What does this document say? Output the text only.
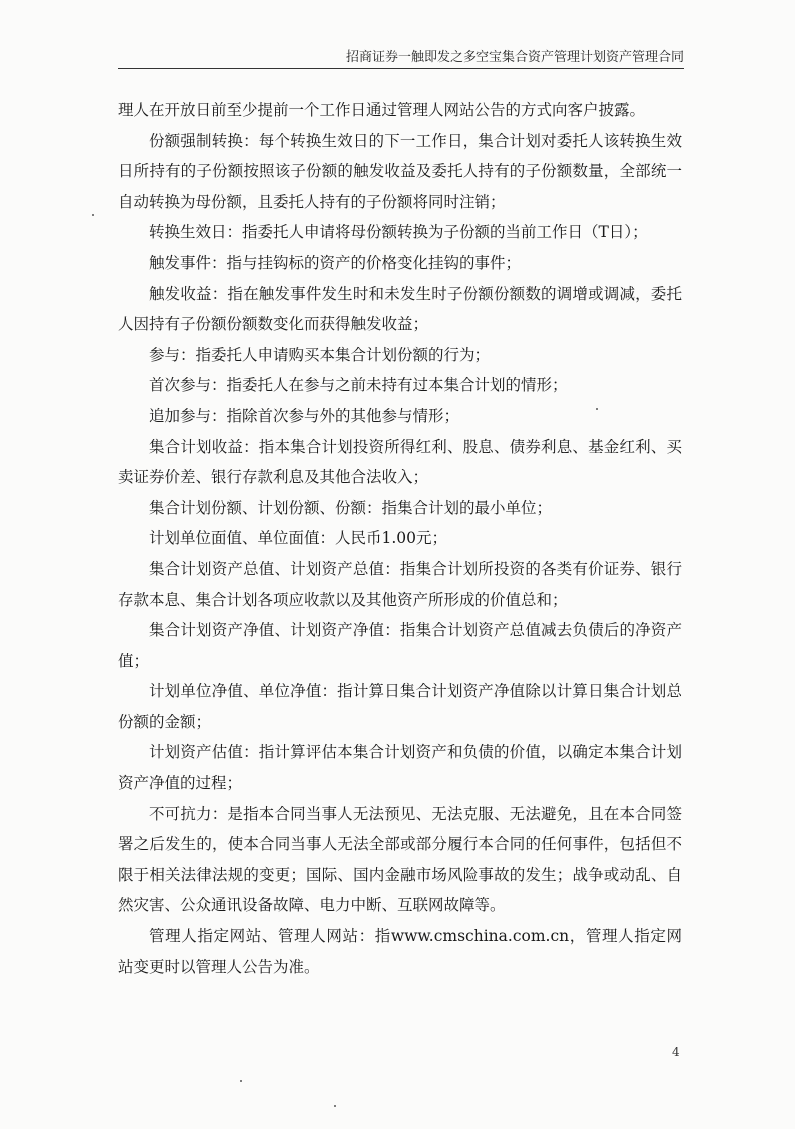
招商证券一触即发之多空宝集合资产管理计划资产管理合同

理人在开放日前至少提前一个工作日通过管理人网站公告的方式向客户披露。

份额强制转换：每个转换生效日的下一工作日，集合计划对委托人该转换生效日所持有的子份额按照该子份额的触发收益及委托人持有的子份额数量，全部统一自动转换为母份额，且委托人持有的子份额将同时注销；

转换生效日：指委托人申请将母份额转换为子份额的当前工作日（T日）；

触发事件：指与挂钩标的资产的价格变化挂钩的事件；

触发收益：指在触发事件发生时和未发生时子份额份额数的调增或调减，委托人因持有子份额份额数变化而获得触发收益；

参与：指委托人申请购买本集合计划份额的行为；

首次参与：指委托人在参与之前未持有过本集合计划的情形；

追加参与：指除首次参与外的其他参与情形；

集合计划收益：指本集合计划投资所得红利、股息、债券利息、基金红利、买卖证券价差、银行存款利息及其他合法收入；

集合计划份额、计划份额、份额：指集合计划的最小单位；

计划单位面值、单位面值：人民币1.00元；

集合计划资产总值、计划资产总值：指集合计划所投资的各类有价证券、银行存款本息、集合计划各项应收款以及其他资产所形成的价值总和；

集合计划资产净值、计划资产净值：指集合计划资产总值减去负债后的净资产值；

计划单位净值、单位净值：指计算日集合计划资产净值除以计算日集合计划总份额的金额；

计划资产估值：指计算评估本集合计划资产和负债的价值，以确定本集合计划资产净值的过程；

不可抗力：是指本合同当事人无法预见、无法克服、无法避免，且在本合同签署之后发生的，使本合同当事人无法全部或部分履行本合同的任何事件，包括但不限于相关法律法规的变更；国际、国内金融市场风险事故的发生；战争或动乱、自然灾害、公众通讯设备故障、电力中断、互联网故障等。

管理人指定网站、管理人网站：指www.cmschina.com.cn，管理人指定网站变更时以管理人公告为准。

4
